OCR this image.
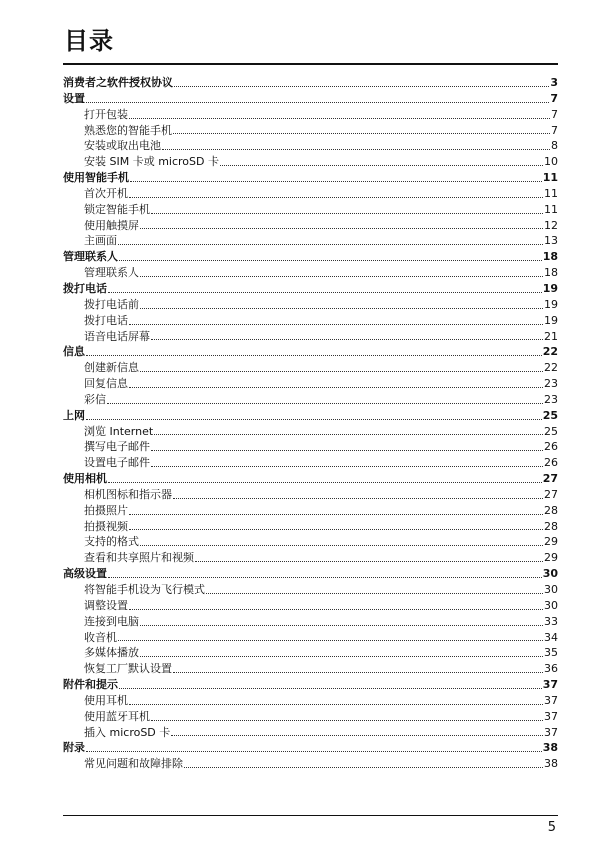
目录
消费者之软件授权协议	3
设置	7
打开包装	7
熟悉您的智能手机	7
安装或取出电池	8
安装 SIM 卡或 microSD 卡	10
使用智能手机	11
首次开机	11
锁定智能手机	11
使用触摸屏	12
主画面	13
管理联系人	18
管理联系人	18
拨打电话	19
拨打电话前	19
拨打电话	19
语音电话屏幕	21
信息	22
创建新信息	22
回复信息	23
彩信	23
上网	25
浏览 Internet	25
撰写电子邮件	26
设置电子邮件	26
使用相机	27
相机图标和指示器	27
拍摄照片	28
拍摄视频	28
支持的格式	29
查看和共享照片和视频	29
高级设置	30
将智能手机设为飞行模式	30
调整设置	30
连接到电脑	33
收音机	34
多媒体播放	35
恢复工厂默认设置	36
附件和提示	37
使用耳机	37
使用蓝牙耳机	37
插入 microSD 卡	37
附录	38
常见问题和故障排除	38
5
